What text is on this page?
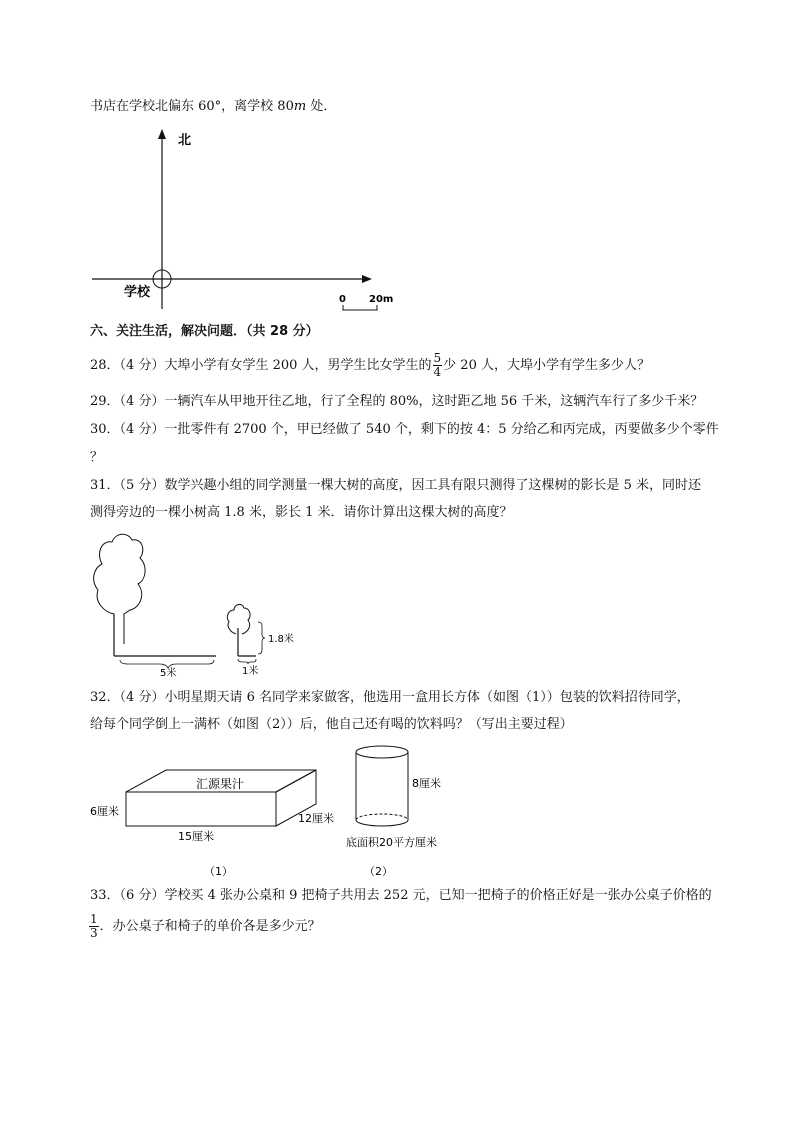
书店在学校北偏东 60°，离学校 80m 处．
北
学校	0 20m
六、关注生活，解决问题．（共 28 分）
28．（4 分）大埠小学有女学生 200 人，男学生比女学生的 $\frac{5}{4}$ 少 20 人，大埠小学有学生多少人？
29．（4 分）一辆汽车从甲地开往乙地，行了全程的 80%，这时距乙地 56 千米，这辆汽车行了多少千米？
30．（4 分）一批零件有 2700 个，甲已经做了 540 个，剩下的按 4：5 分给乙和丙完成，丙要做多少个零件
？
31．（5 分）数学兴趣小组的同学测量一棵大树的高度，因工具有限只测得了这棵树的影长是 5 米，同时还
测得旁边的一棵小树高 1.8 米，影长 1 米．请你计算出这棵大树的高度？
5米
1.8米
1米
32．（4 分）小明星期天请 6 名同学来家做客，他选用一盒用长方体（如图（1））包装的饮料招待同学，
给每个同学倒上一满杯（如图（2））后，他自己还有喝的饮料吗？（写出主要过程）
汇源果汁
6厘米
15厘米
12厘米
（1）
8厘米
底面积20平方厘米
（2）
33．（6 分）学校买 4 张办公桌和 9 把椅子共用去 252 元，已知一把椅子的价格正好是一张办公桌子价格的
$\frac{1}{3}$ ．办公桌子和椅子的单价各是多少元？
